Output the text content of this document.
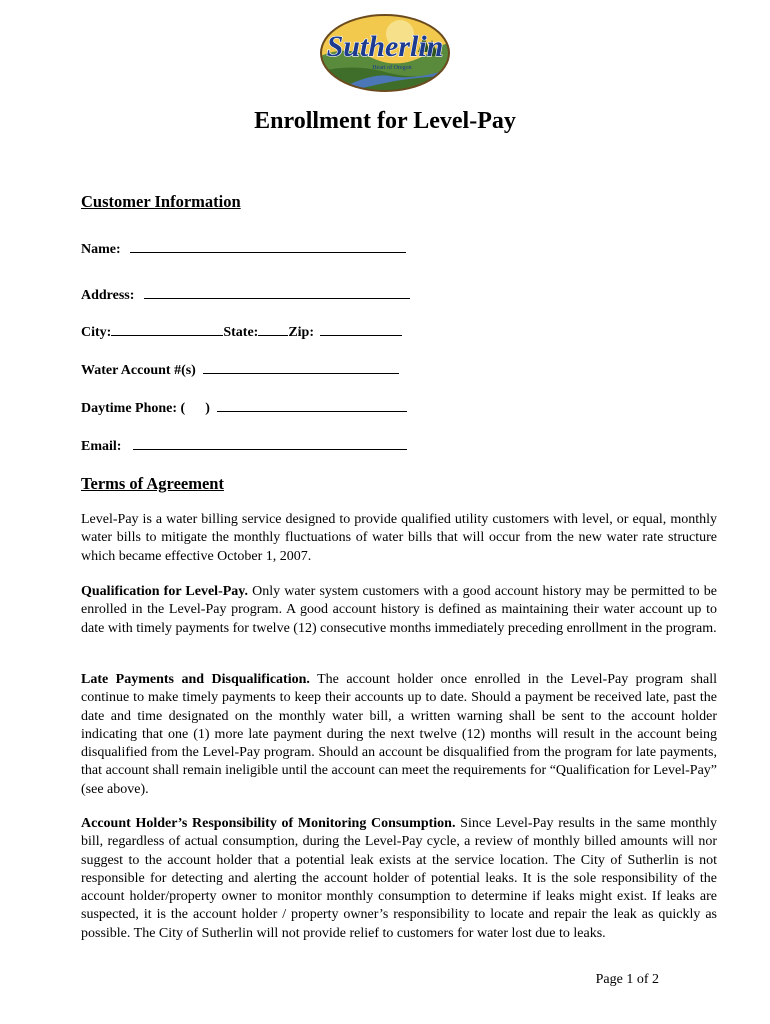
Sutherlin
Heart of Oregon
Enrollment for Level-Pay
Customer Information
Name:
Address:
City:	State: Zip:
Water Account #(s)
Daytime Phone: ( )
Email:
Terms of Agreement

Level-Pay is a water billing service designed to provide qualified utility customers with level, or equal, monthly water bills to mitigate the monthly fluctuations of water bills that will occur from the new water rate structure which became effective October 1, 2007.

Qualification for Level-Pay. Only water system customers with a good account history may be permitted to be enrolled in the Level-Pay program. A good account history is defined as maintaining their water account up to date with timely payments for twelve (12) consecutive months immediately preceding enrollment in the program.

Late Payments and Disqualification. The account holder once enrolled in the Level-Pay program shall continue to make timely payments to keep their accounts up to date. Should a payment be received late, past the date and time designated on the monthly water bill, a written warning shall be sent to the account holder indicating that one (1) more late payment during the next twelve (12) months will result in the account being disqualified from the Level-Pay program. Should an account be disqualified from the program for late payments, that account shall remain ineligible until the account can meet the requirements for “Qualification for Level-Pay” (see above).

Account Holder’s Responsibility of Monitoring Consumption. Since Level-Pay results in the same monthly bill, regardless of actual consumption, during the Level-Pay cycle, a review of monthly billed amounts will nor suggest to the account holder that a potential leak exists at the service location. The City of Sutherlin is not responsible for detecting and alerting the account holder of potential leaks. It is the sole responsibility of the account holder/property owner to monitor monthly consumption to determine if leaks might exist. If leaks are suspected, it is the account holder / property owner’s responsibility to locate and repair the leak as quickly as possible. The City of Sutherlin will not provide relief to customers for water lost due to leaks.

Page 1 of 2
